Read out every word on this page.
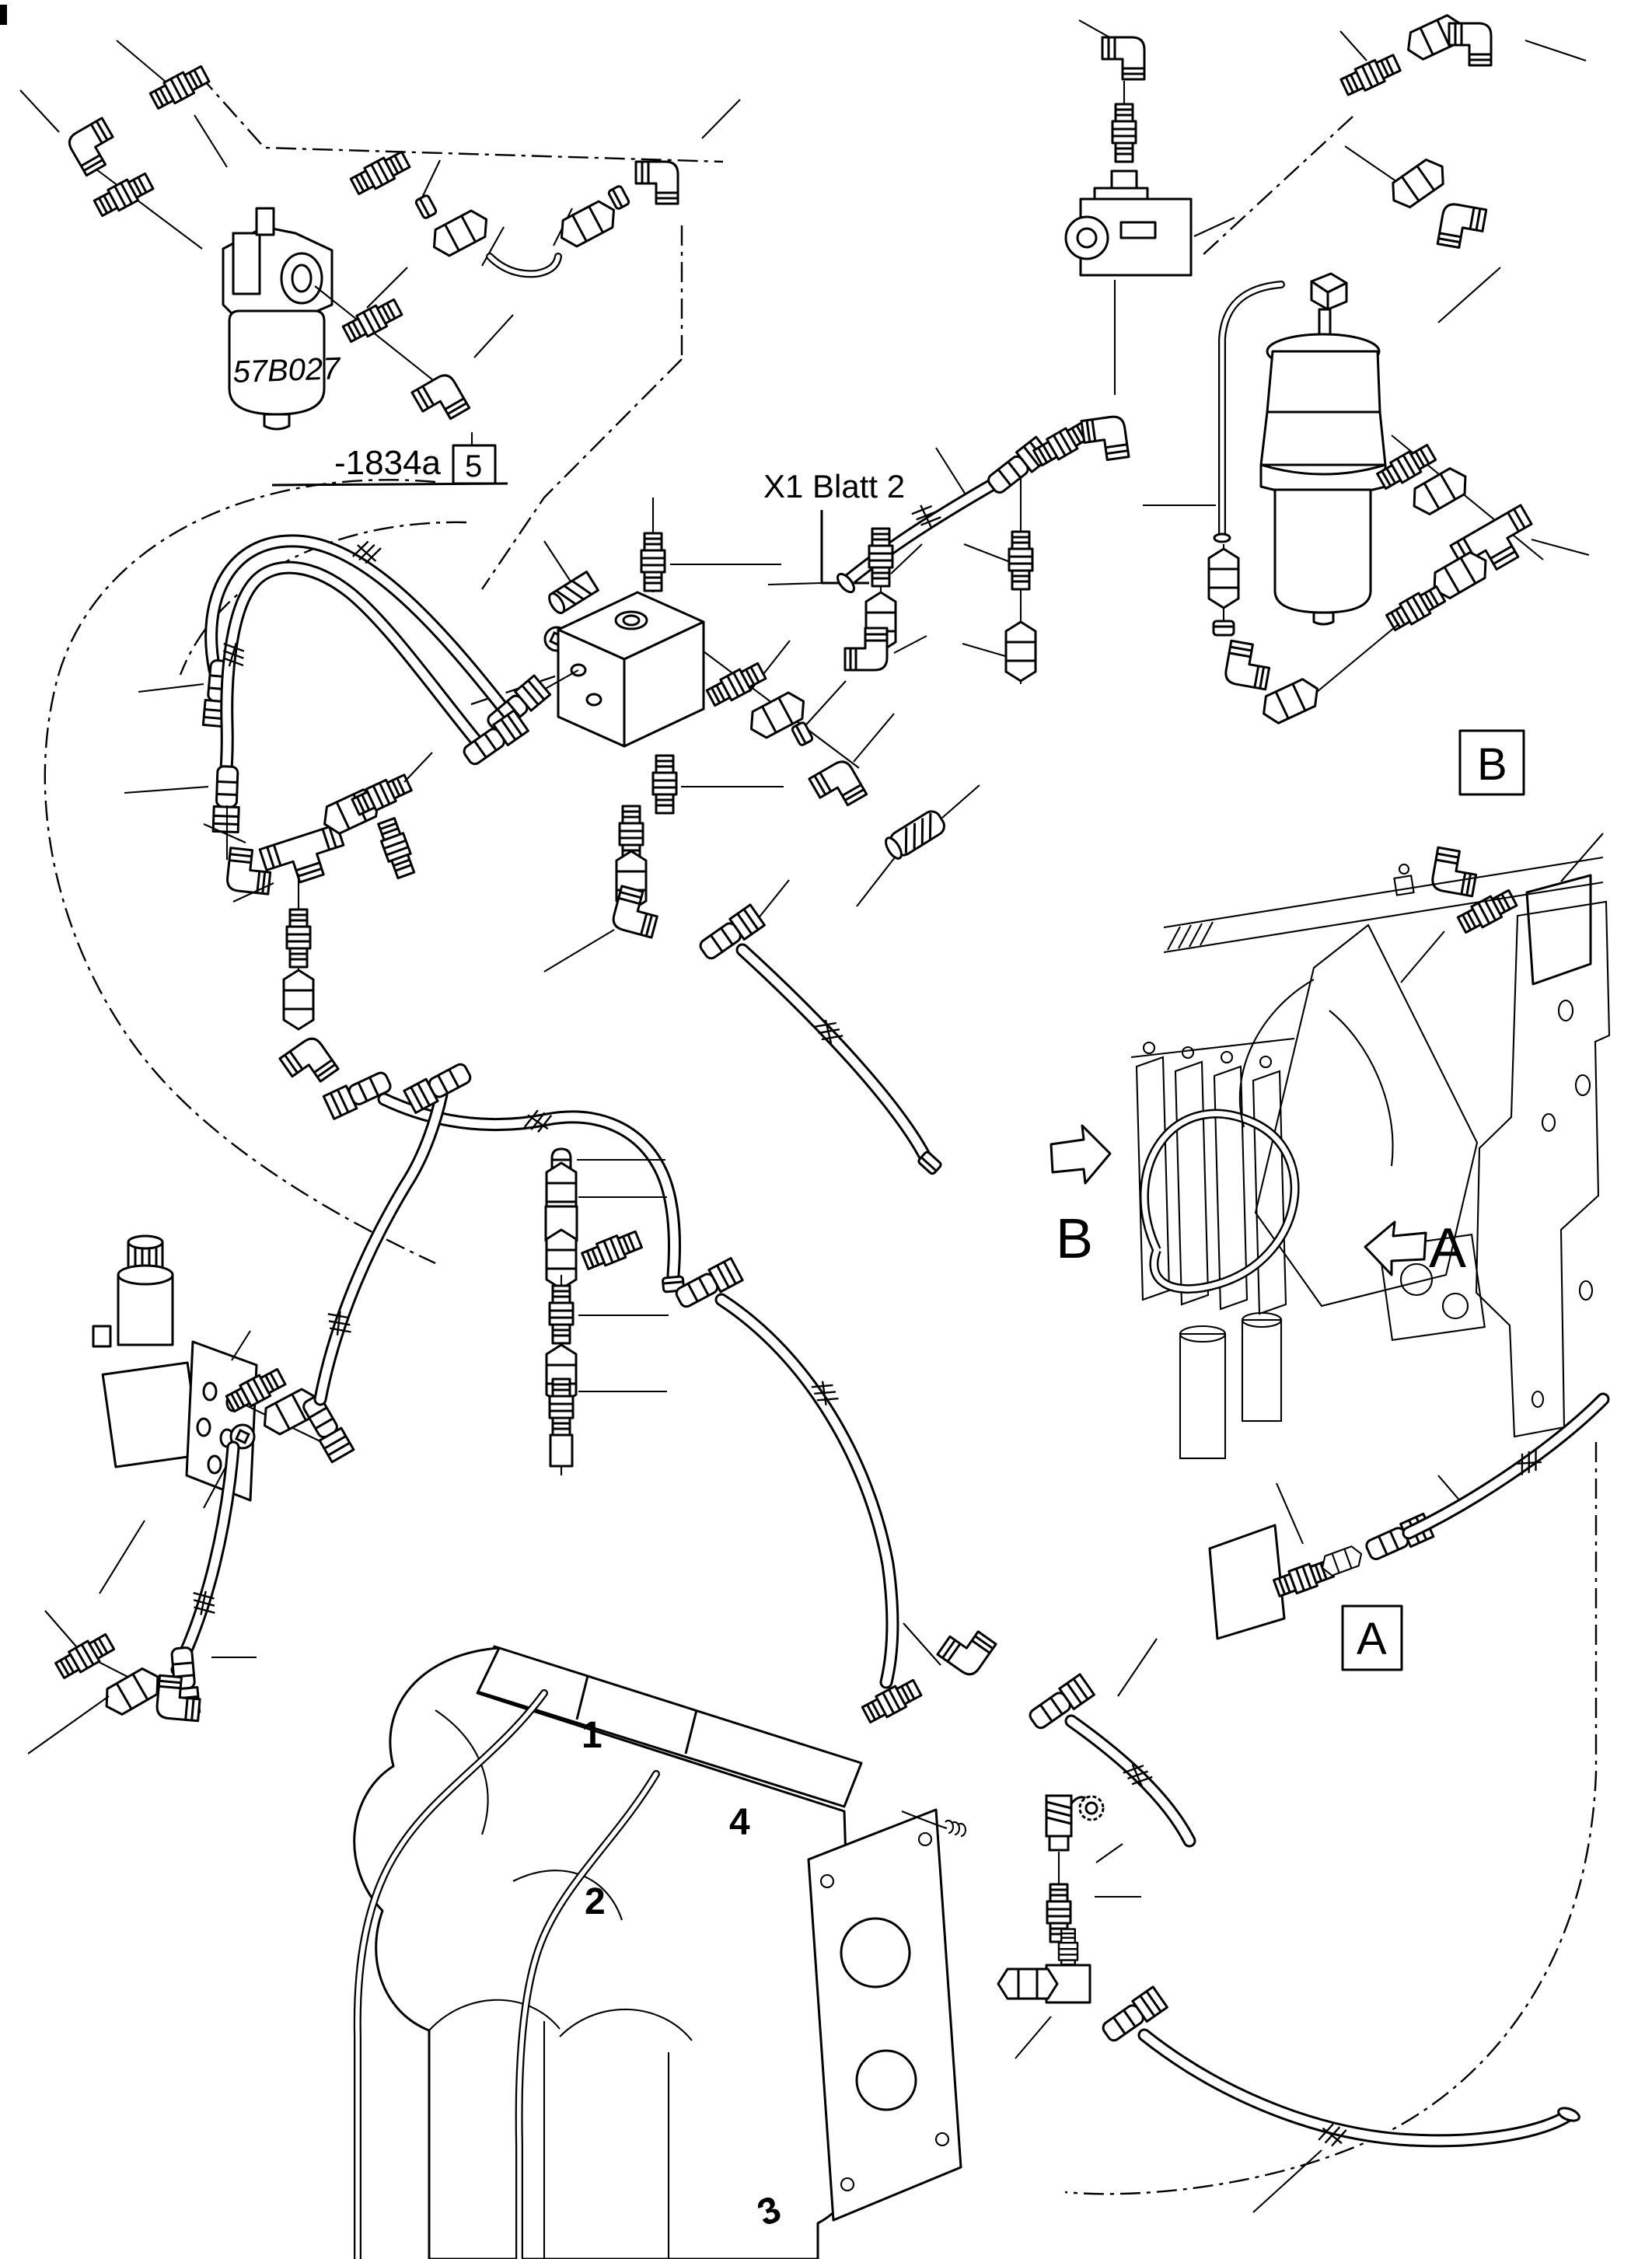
57B027
-1834a 5
X1 Blatt 2
B
B	A
A
1
4
2
3
